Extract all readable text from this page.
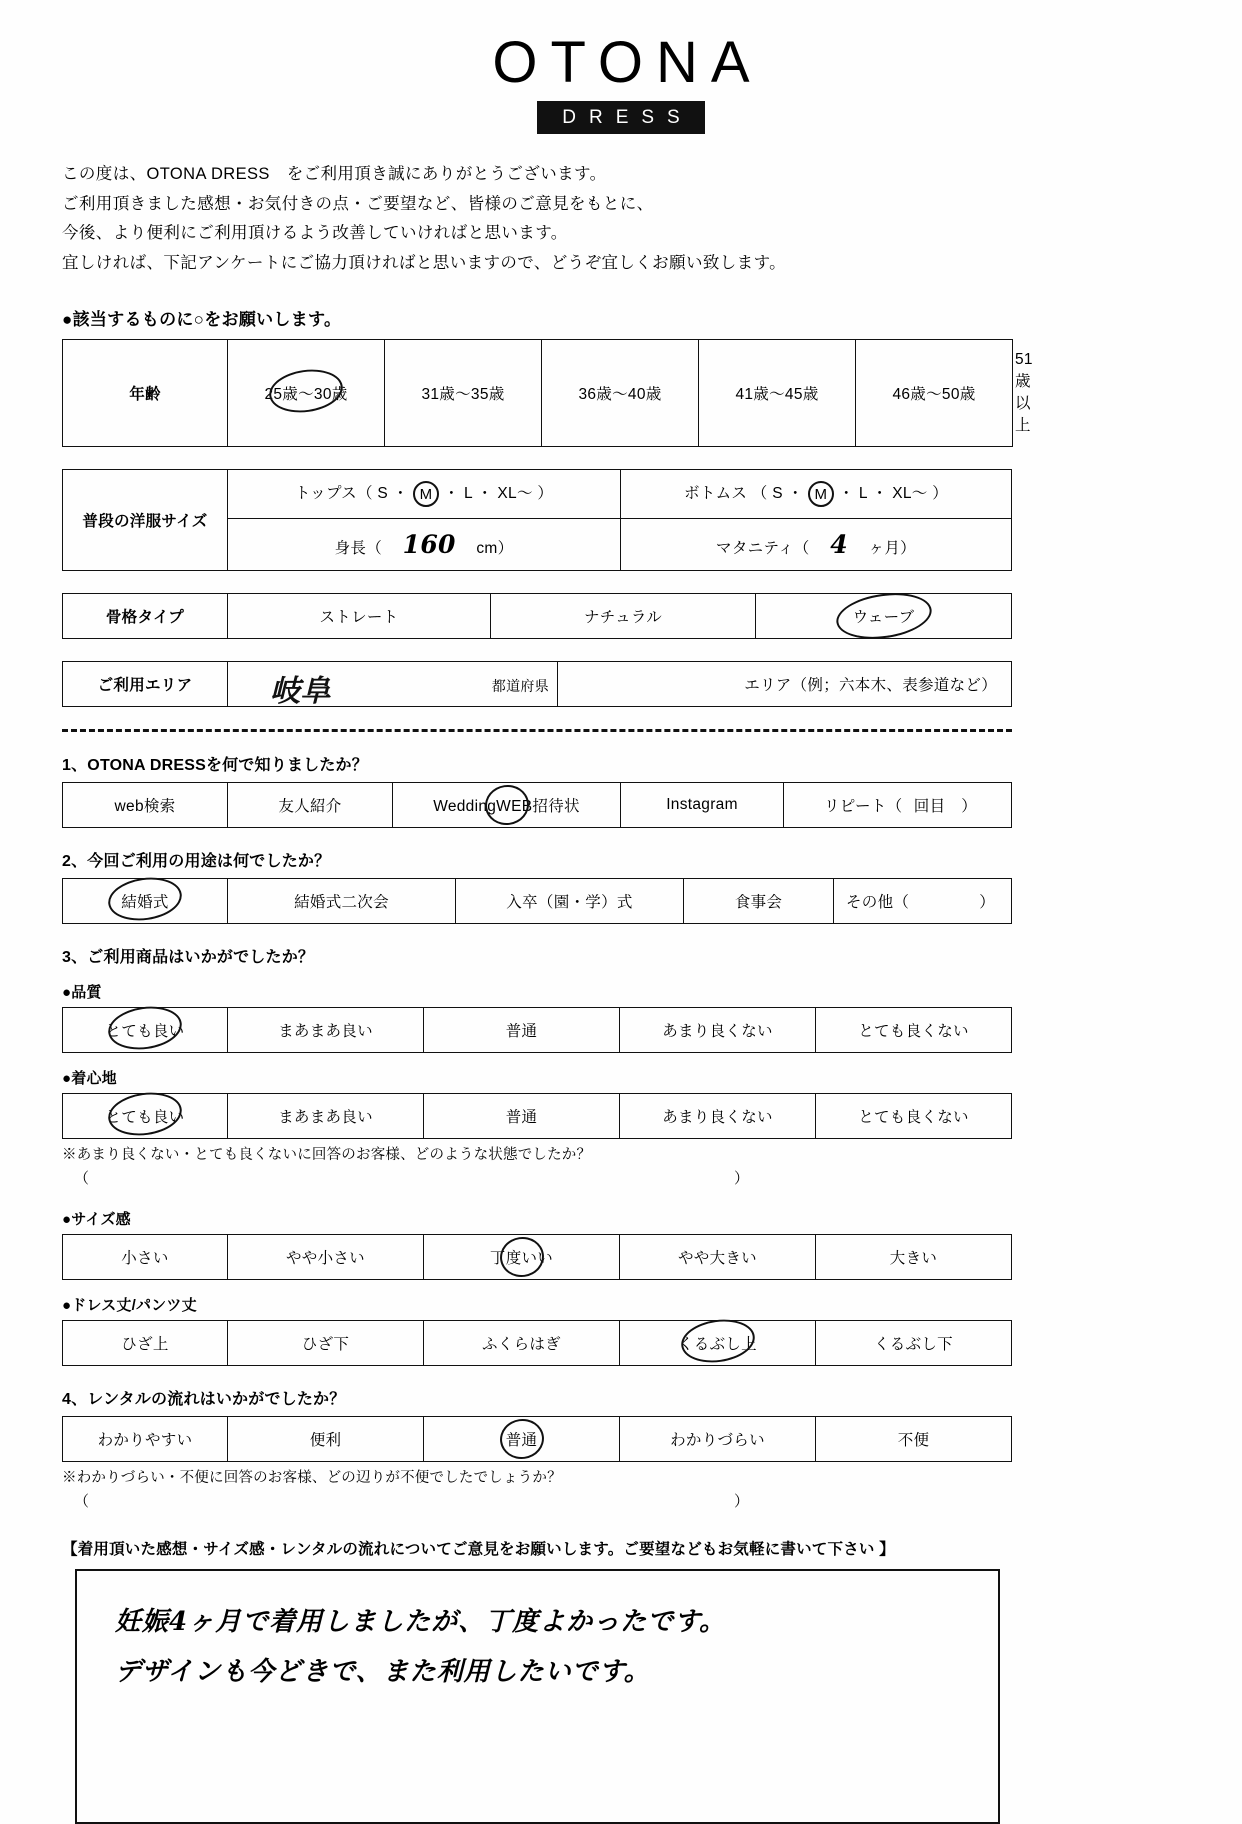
OTONA
DRESS
この度は、OTONA DRESS　をご利用頂き誠にありがとうございます。
ご利用頂きました感想・お気付きの点・ご要望など、皆様のご意見をもとに、
今後、より便利にご利用頂けるよう改善していければと思います。
宜しければ、下記アンケートにご協力頂ければと思いますので、どうぞ宜しくお願い致します。
●該当するものに○をお願いします。
年齢	25歳〜30歳	31歳〜35歳	36歳〜40歳	41歳〜45歳	46歳〜50歳	51歳以上
普段の洋服サイズ	トップス（ S ・ M ・ L ・ XL〜 ）	ボトムス （ S ・ M ・ L ・ XL〜 ）
	身長（ 160 cm）	マタニティ（ 4 ヶ月）
骨格タイプ	ストレート	ナチュラル	ウェーブ
ご利用エリア	岐阜	都道府県	エリア（例；六本木、表参道など）
1、OTONA DRESSを何で知りましたか？
web検索	友人紹介	WeddingWEB招待状	Instagram	リピート（ 回目　）
2、今回ご利用の用途は何でしたか？
結婚式	結婚式二次会	入卒（園・学）式	食事会	その他（	）
3、ご利用商品はいかがでしたか？
●品質
とても良い	まあまあ良い	普通	あまり良くない	とても良くない
●着心地
とても良い	まあまあ良い	普通	あまり良くない	とても良くない
※あまり良くない・とても良くないに回答のお客様、どのような状態でしたか？
（	）
●サイズ感
小さい	やや小さい	丁度いい	やや大きい	大きい
●ドレス丈/パンツ丈
ひざ上	ひざ下	ふくらはぎ	くるぶし上	くるぶし下
4、レンタルの流れはいかがでしたか？
わかりやすい	便利	普通	わかりづらい	不便
※わかりづらい・不便に回答のお客様、どの辺りが不便でしたでしょうか？
（	）
【着用頂いた感想・サイズ感・レンタルの流れについてご意見をお願いします。ご要望などもお気軽に書いて下さい 】
妊娠4ヶ月で着用しましたが、丁度よかったです。
デザインも今どきで、また利用したいです。
